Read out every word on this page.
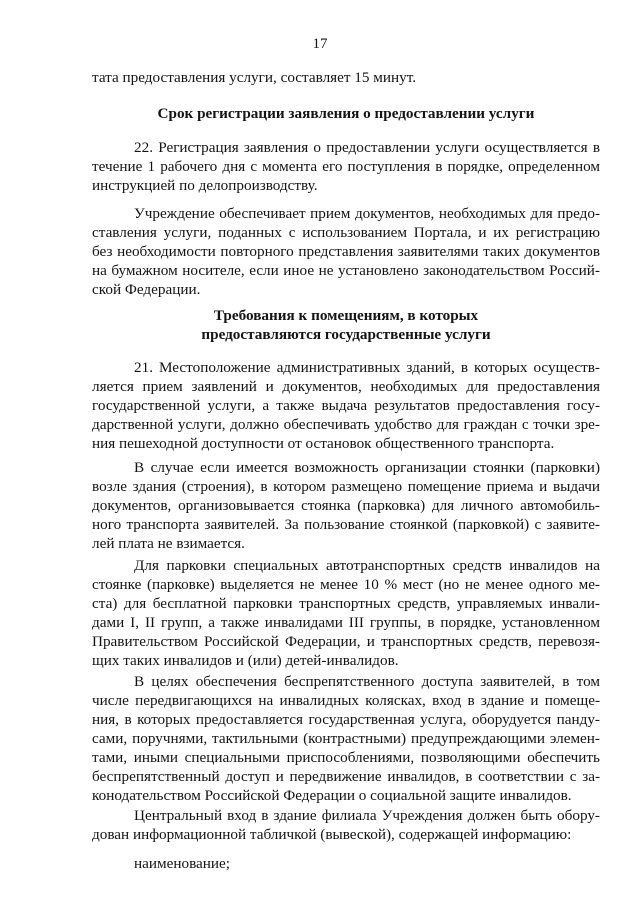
17
тата предоставления услуги, составляет 15 минут.
Срок регистрации заявления о предоставлении услуги
22. Регистрация заявления о предоставлении услуги осуществляется в
течение 1 рабочего дня с момента его поступления в порядке, определенном
инструкцией по делопроизводству.
Учреждение обеспечивает прием документов, необходимых для предо-
ставления услуги, поданных с использованием Портала, и их регистрацию
без необходимости повторного представления заявителями таких документов
на бумажном носителе, если иное не установлено законодательством Россий-
ской Федерации.
Требования к помещениям, в которых
предоставляются государственные услуги
21. Местоположение административных зданий, в которых осуществ-
ляется прием заявлений и документов, необходимых для предоставления
государственной услуги, а также выдача результатов предоставления госу-
дарственной услуги, должно обеспечивать удобство для граждан с точки зре-
ния пешеходной доступности от остановок общественного транспорта.
В случае если имеется возможность организации стоянки (парковки)
возле здания (строения), в котором размещено помещение приема и выдачи
документов, организовывается стоянка (парковка) для личного автомобиль-
ного транспорта заявителей. За пользование стоянкой (парковкой) с заявите-
лей плата не взимается.
Для парковки специальных автотранспортных средств инвалидов на
стоянке (парковке) выделяется не менее 10 % мест (но не менее одного ме-
ста) для бесплатной парковки транспортных средств, управляемых инвали-
дами I, II групп, а также инвалидами III группы, в порядке, установленном
Правительством Российской Федерации, и транспортных средств, перевозя-
щих таких инвалидов и (или) детей-инвалидов.
В целях обеспечения беспрепятственного доступа заявителей, в том
числе передвигающихся на инвалидных колясках, вход в здание и помеще-
ния, в которых предоставляется государственная услуга, оборудуется панду-
сами, поручнями, тактильными (контрастными) предупреждающими элемен-
тами, иными специальными приспособлениями, позволяющими обеспечить
беспрепятственный доступ и передвижение инвалидов, в соответствии с за-
конодательством Российской Федерации о социальной защите инвалидов.
Центральный вход в здание филиала Учреждения должен быть обору-
дован информационной табличкой (вывеской), содержащей информацию:
наименование;
